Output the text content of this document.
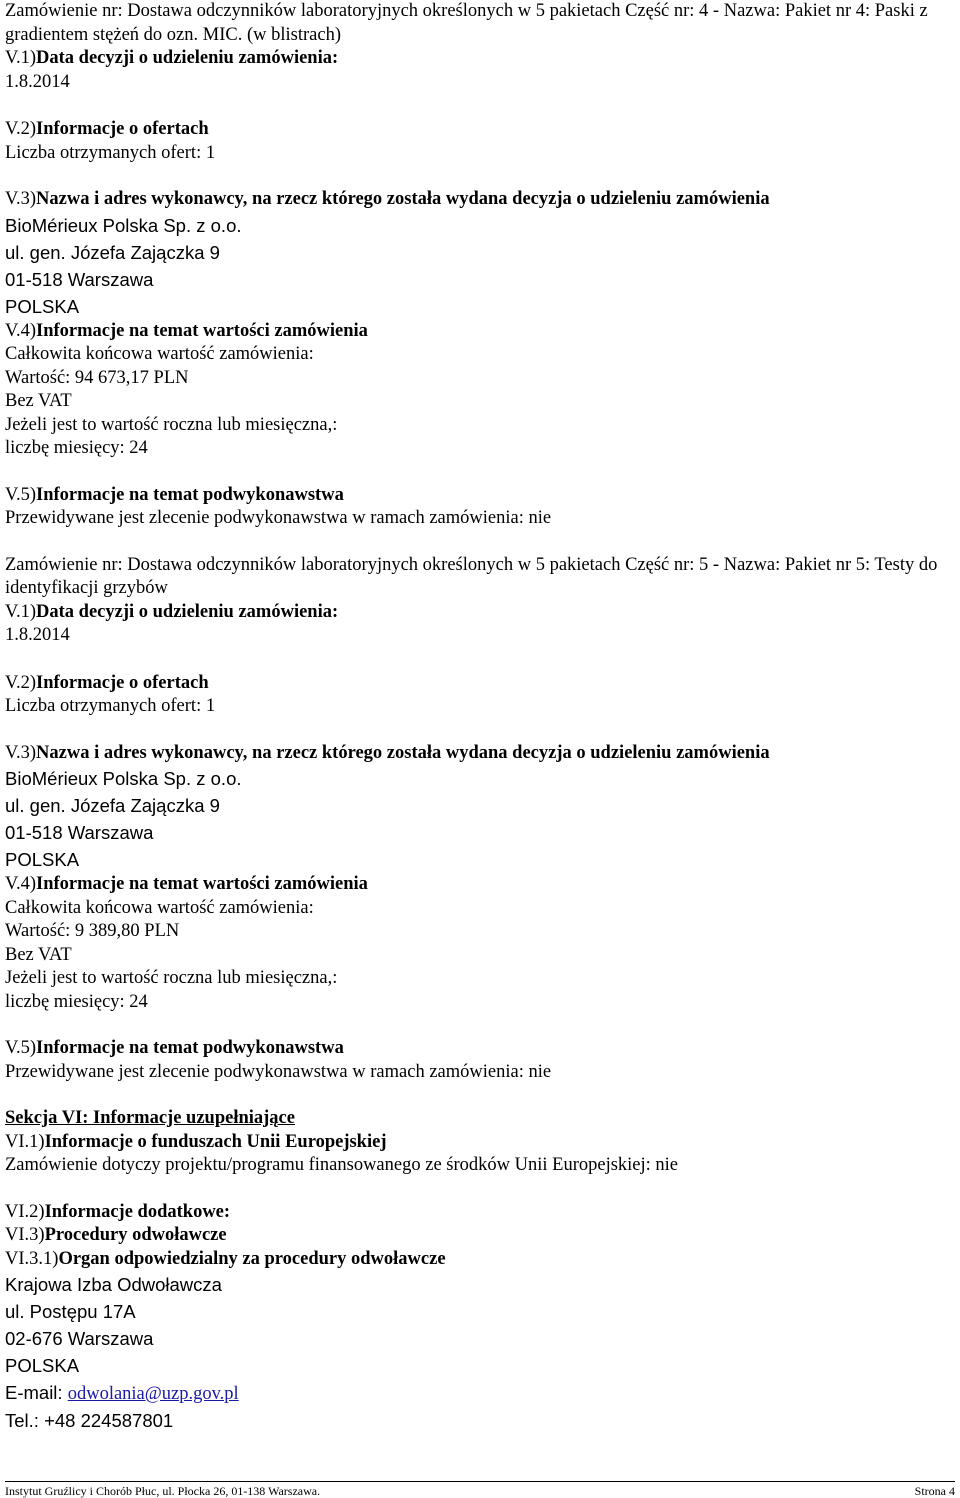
Zamówienie nr: Dostawa odczynników laboratoryjnych określonych w 5 pakietach Część nr: 4 - Nazwa: Pakiet nr 4: Paski z gradientem stężeń do ozn. MIC. (w blistrach)
V.1)Data decyzji o udzieleniu zamówienia:
1.8.2014
V.2)Informacje o ofertach
Liczba otrzymanych ofert: 1
V.3)Nazwa i adres wykonawcy, na rzecz którego została wydana decyzja o udzieleniu zamówienia
BioMérieux Polska Sp. z o.o.
ul. gen. Józefa Zajączka 9
01-518 Warszawa
POLSKA
V.4)Informacje na temat wartości zamówienia
Całkowita końcowa wartość zamówienia:
Wartość: 94 673,17 PLN
Bez VAT
Jeżeli jest to wartość roczna lub miesięczna,:
liczbę miesięcy: 24
V.5)Informacje na temat podwykonawstwa
Przewidywane jest zlecenie podwykonawstwa w ramach zamówienia: nie
Zamówienie nr: Dostawa odczynników laboratoryjnych określonych w 5 pakietach Część nr: 5 - Nazwa: Pakiet nr 5: Testy do identyfikacji grzybów
V.1)Data decyzji o udzieleniu zamówienia:
1.8.2014
V.2)Informacje o ofertach
Liczba otrzymanych ofert: 1
V.3)Nazwa i adres wykonawcy, na rzecz którego została wydana decyzja o udzieleniu zamówienia
BioMérieux Polska Sp. z o.o.
ul. gen. Józefa Zajączka 9
01-518 Warszawa
POLSKA
V.4)Informacje na temat wartości zamówienia
Całkowita końcowa wartość zamówienia:
Wartość: 9 389,80 PLN
Bez VAT
Jeżeli jest to wartość roczna lub miesięczna,:
liczbę miesięcy: 24
V.5)Informacje na temat podwykonawstwa
Przewidywane jest zlecenie podwykonawstwa w ramach zamówienia: nie
Sekcja VI: Informacje uzupełniające
VI.1)Informacje o funduszach Unii Europejskiej
Zamówienie dotyczy projektu/programu finansowanego ze środków Unii Europejskiej: nie
VI.2)Informacje dodatkowe:
VI.3)Procedury odwoławcze
VI.3.1)Organ odpowiedzialny za procedury odwoławcze
Krajowa Izba Odwoławcza
ul. Postępu 17A
02-676 Warszawa
POLSKA
E-mail: odwolania@uzp.gov.pl
Tel.: +48 224587801
Instytut Gruźlicy i Chorób Płuc, ul. Płocka 26, 01-138 Warszawa.	Strona 4
